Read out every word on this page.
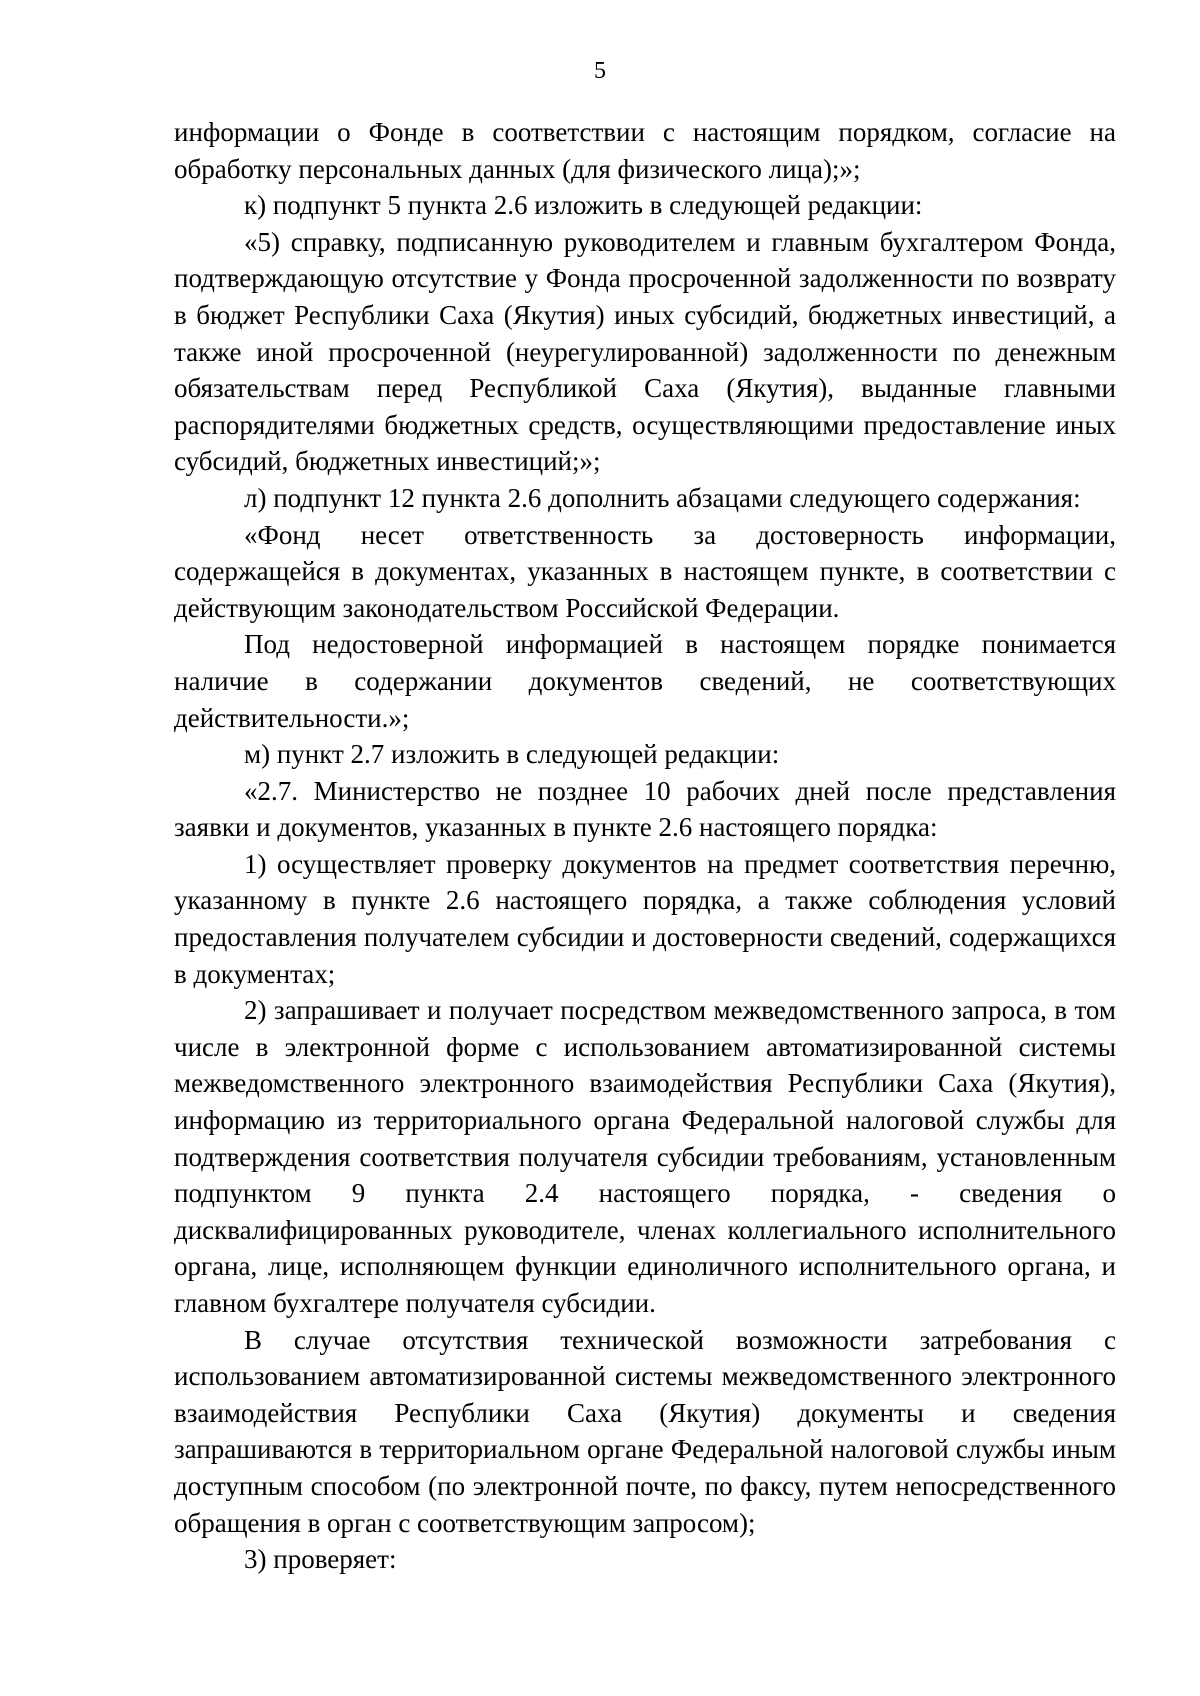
5

информации о Фонде в соответствии с настоящим порядком, согласие на обработку персональных данных (для физического лица);»;

к) подпункт 5 пункта 2.6 изложить в следующей редакции:

«5) справку, подписанную руководителем и главным бухгалтером Фонда, подтверждающую отсутствие у Фонда просроченной задолженности по возврату в бюджет Республики Саха (Якутия) иных субсидий, бюджетных инвестиций, а также иной просроченной (неурегулированной) задолженности по денежным обязательствам перед Республикой Саха (Якутия), выданные главными распорядителями бюджетных средств, осуществляющими предоставление иных субсидий, бюджетных инвестиций;»;

л) подпункт 12 пункта 2.6 дополнить абзацами следующего содержания:

«Фонд несет ответственность за достоверность информации, содержащейся в документах, указанных в настоящем пункте, в соответствии с действующим законодательством Российской Федерации.

Под недостоверной информацией в настоящем порядке понимается наличие в содержании документов сведений, не соответствующих действительности.»;

м) пункт 2.7 изложить в следующей редакции:

«2.7. Министерство не позднее 10 рабочих дней после представления заявки и документов, указанных в пункте 2.6 настоящего порядка:

1) осуществляет проверку документов на предмет соответствия перечню, указанному в пункте 2.6 настоящего порядка, а также соблюдения условий предоставления получателем субсидии и достоверности сведений, содержащихся в документах;

2) запрашивает и получает посредством межведомственного запроса, в том числе в электронной форме с использованием автоматизированной системы межведомственного электронного взаимодействия Республики Саха (Якутия), информацию из территориального органа Федеральной налоговой службы для подтверждения соответствия получателя субсидии требованиям, установленным подпунктом 9 пункта 2.4 настоящего порядка, - сведения о дисквалифицированных руководителе, членах коллегиального исполнительного органа, лице, исполняющем функции единоличного исполнительного органа, и главном бухгалтере получателя субсидии.

В случае отсутствия технической возможности затребования с использованием автоматизированной системы межведомственного электронного взаимодействия Республики Саха (Якутия) документы и сведения запрашиваются в территориальном органе Федеральной налоговой службы иным доступным способом (по электронной почте, по факсу, путем непосредственного обращения в орган с соответствующим запросом);

3) проверяет:
